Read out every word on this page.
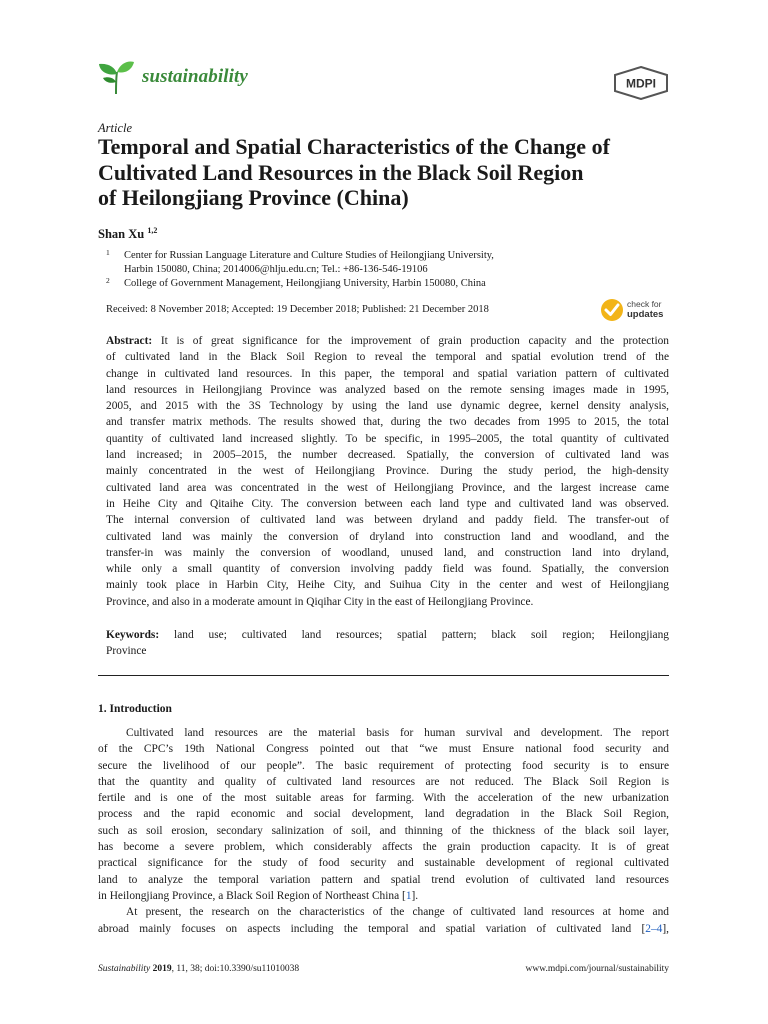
sustainability	MDPI
Article
Temporal and Spatial Characteristics of the Change of
Cultivated Land Resources in the Black Soil Region
of Heilongjiang Province (China)
Shan Xu $^{1,2}$
1 Center for Russian Language Literature and Culture Studies of Heilongjiang University,
Harbin 150080, China; 2014006@hlju.edu.cn; Tel.: +86-136-546-19106
2 College of Government Management, Heilongjiang University, Harbin 150080, China
Received: 8 November 2018; Accepted: 19 December 2018; Published: 21 December 2018	check for
updates
Abstract: It is of great significance for the improvement of grain production capacity and the protection
of cultivated land in the Black Soil Region to reveal the temporal and spatial evolution trend of the
change in cultivated land resources. In this paper, the temporal and spatial variation pattern of cultivated
land resources in Heilongjiang Province was analyzed based on the remote sensing images made in 1995,
2005, and 2015 with the 3S Technology by using the land use dynamic degree, kernel density analysis,
and transfer matrix methods. The results showed that, during the two decades from 1995 to 2015, the total
quantity of cultivated land increased slightly. To be specific, in 1995–2005, the total quantity of cultivated
land increased; in 2005–2015, the number decreased. Spatially, the conversion of cultivated land was
mainly concentrated in the west of Heilongjiang Province. During the study period, the high-density
cultivated land area was concentrated in the west of Heilongjiang Province, and the largest increase came
in Heihe City and Qitaihe City. The conversion between each land type and cultivated land was observed.
The internal conversion of cultivated land was between dryland and paddy field. The transfer-out of
cultivated land was mainly the conversion of dryland into construction land and woodland, and the
transfer-in was mainly the conversion of woodland, unused land, and construction land into dryland,
while only a small quantity of conversion involving paddy field was found. Spatially, the conversion
mainly took place in Harbin City, Heihe City, and Suihua City in the center and west of Heilongjiang
Province, and also in a moderate amount in Qiqihar City in the east of Heilongjiang Province.
Keywords: land use; cultivated land resources; spatial pattern; black soil region; Heilongjiang
Province
1. Introduction
Cultivated land resources are the material basis for human survival and development. The report
of the CPC’s 19th National Congress pointed out that “we must Ensure national food security and
secure the livelihood of our people”. The basic requirement of protecting food security is to ensure
that the quantity and quality of cultivated land resources are not reduced. The Black Soil Region is
fertile and is one of the most suitable areas for farming. With the acceleration of the new urbanization
process and the rapid economic and social development, land degradation in the Black Soil Region,
such as soil erosion, secondary salinization of soil, and thinning of the thickness of the black soil layer,
has become a severe problem, which considerably affects the grain production capacity. It is of great
practical significance for the study of food security and sustainable development of regional cultivated
land to analyze the temporal variation pattern and spatial trend evolution of cultivated land resources
in Heilongjiang Province, a Black Soil Region of Northeast China [1].
At present, the research on the characteristics of the change of cultivated land resources at home and
abroad mainly focuses on aspects including the temporal and spatial variation of cultivated land [2–4],
Sustainability 2019, 11, 38; doi:10.3390/su11010038	www.mdpi.com/journal/sustainability
